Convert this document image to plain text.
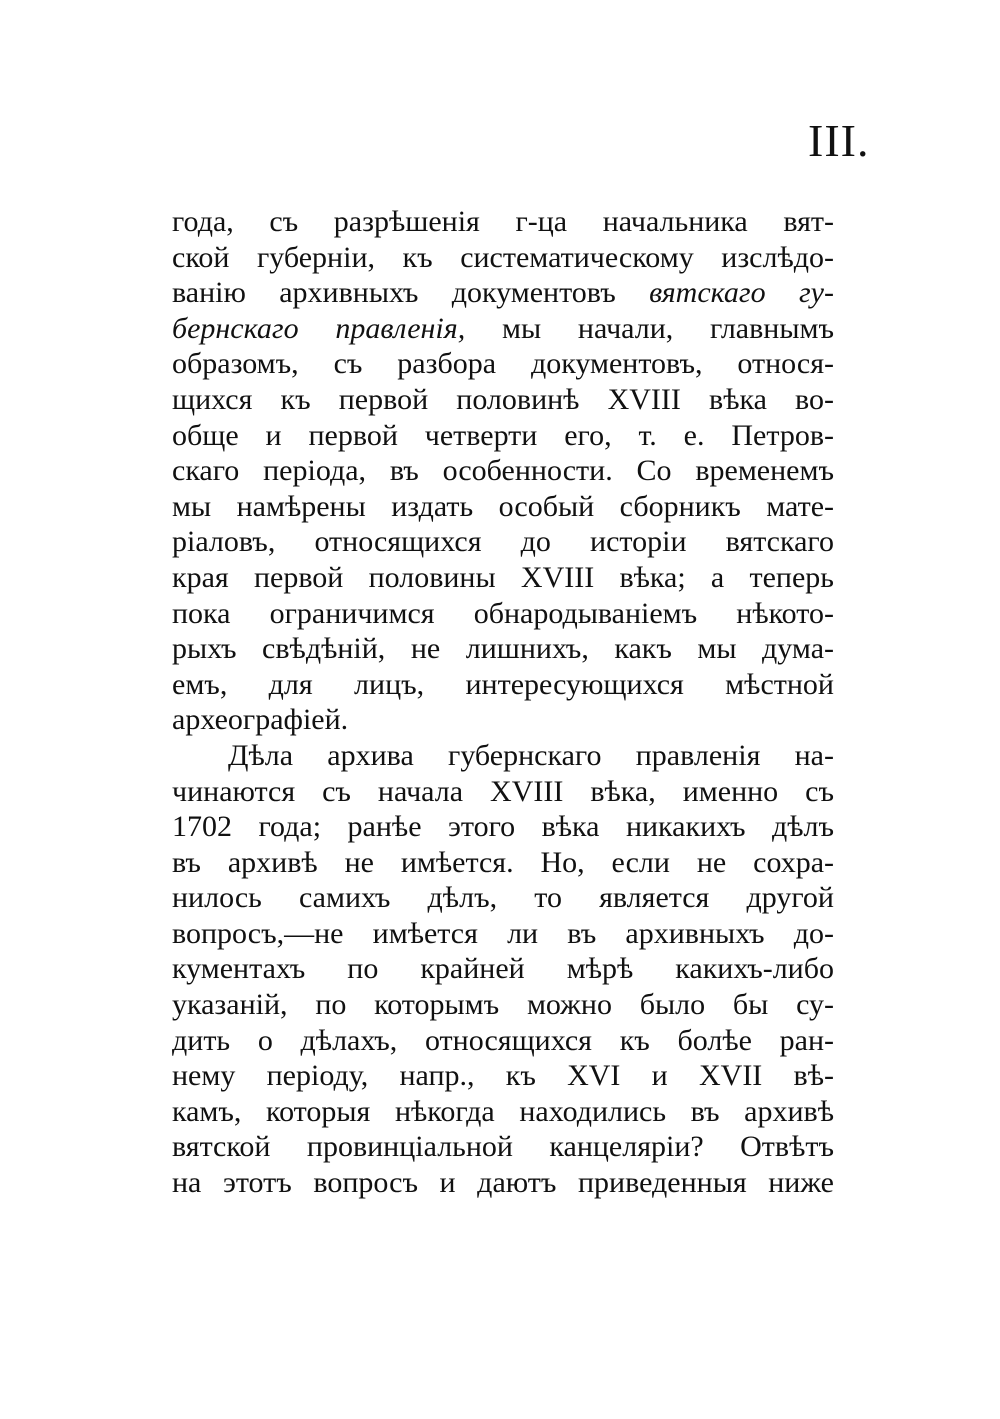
III.
года, съ разрѣшенія г-ца начальника вят-
ской губерніи, къ систематическому изслѣдо-
ванію архивныхъ документовъ вятскаго гу-
бернскаго правленія, мы начали, главнымъ
образомъ, съ разбора документовъ, относя-
щихся къ первой половинѣ XVIII вѣка во-
обще и первой четверти его, т. е. Петров-
скаго періода, въ особенности. Со временемъ
мы намѣрены издать особый сборникъ мате-
ріаловъ, относящихся до исторіи вятскаго
края первой половины XVIII вѣка; а теперь
пока ограничимся обнародываніемъ нѣкото-
рыхъ свѣдѣній, не лишнихъ, какъ мы дума-
емъ, для лицъ, интересующихся мѣстной
археографіей.
Дѣла архива губернскаго правленія на-
чинаются съ начала XVIII вѣка, именно съ
1702 года; ранѣе этого вѣка никакихъ дѣлъ
въ архивѣ не имѣется. Но, если не сохра-
нилось самихъ дѣлъ, то является другой
вопросъ,—не имѣется ли въ архивныхъ до-
кументахъ по крайней мѣрѣ какихъ-либо
указаній, по которымъ можно было бы су-
дить о дѣлахъ, относящихся къ болѣе ран-
нему періоду, напр., къ XVI и XVII вѣ-
камъ, которыя нѣкогда находились въ архивѣ
вятской провинціальной канцеляріи? Отвѣтъ
на этотъ вопросъ и даютъ приведенныя ниже
